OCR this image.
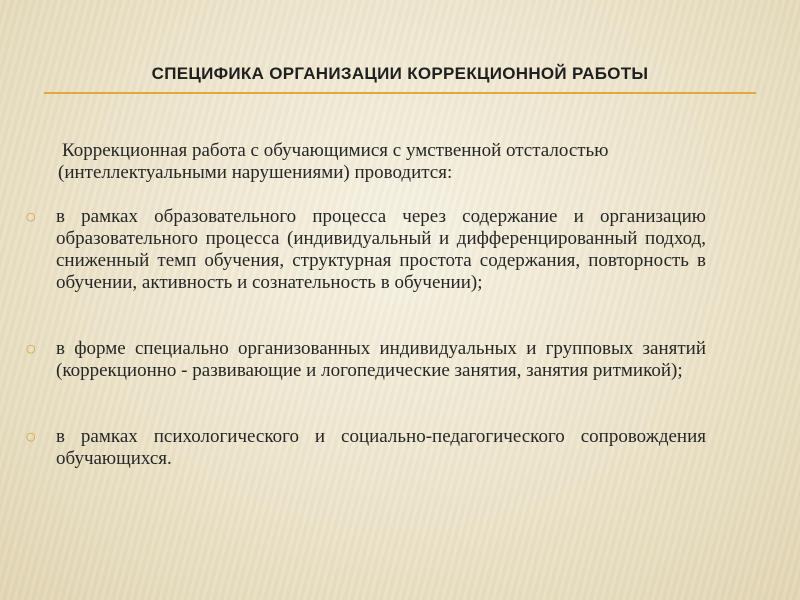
СПЕЦИФИКА ОРГАНИЗАЦИИ КОРРЕКЦИОННОЙ РАБОТЫ

Коррекционная работа с обучающимися с умственной отсталостью (интеллектуальными нарушениями) проводится:

○ в рамках образовательного процесса через содержание и организацию образовательного процесса (индивидуальный и дифференцированный подход, сниженный темп обучения, структурная простота содержания, повторность в обучении, активность и сознательность в обучении);
○ в форме специально организованных индивидуальных и групповых занятий (коррекционно - развивающие и логопедические занятия, занятия ритмикой);
○ в рамках психологического и социально-педагогического сопровождения обучающихся.
